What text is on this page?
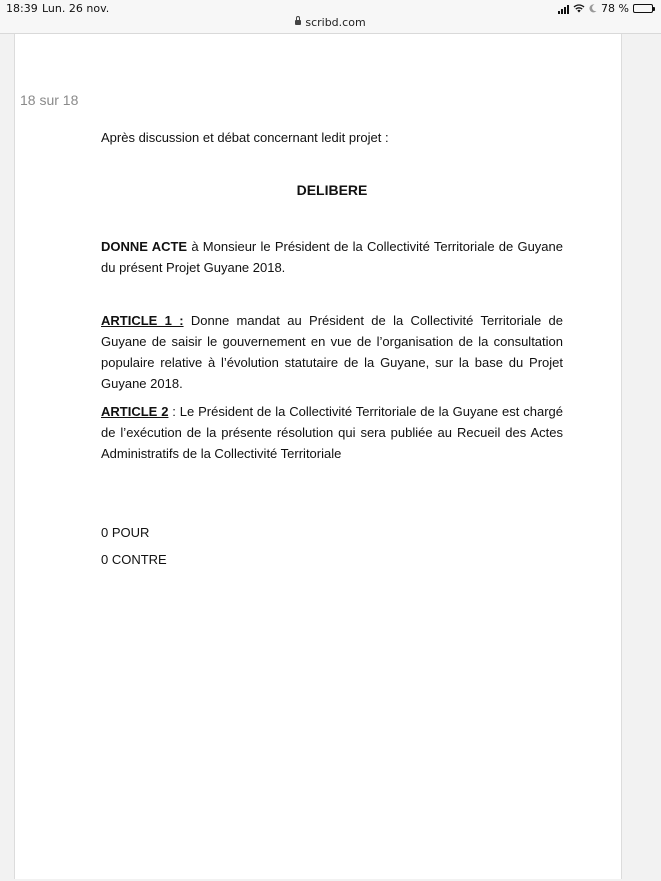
18:39 Lun. 26 nov.
scribd.com
78 %
18 sur 18
Après discussion et débat concernant ledit projet :
DELIBERE
DONNE ACTE à Monsieur le Président de la Collectivité Territoriale de Guyane du présent Projet Guyane 2018.
ARTICLE 1 : Donne mandat au Président de la Collectivité Territoriale de Guyane de saisir le gouvernement en vue de l’organisation de la consultation populaire relative à l’évolution statutaire de la Guyane, sur la base du Projet Guyane 2018.
ARTICLE 2 : Le Président de la Collectivité Territoriale de la Guyane est chargé de l’exécution de la présente résolution qui sera publiée au Recueil des Actes Administratifs de la Collectivité Territoriale
0 POUR
0 CONTRE
